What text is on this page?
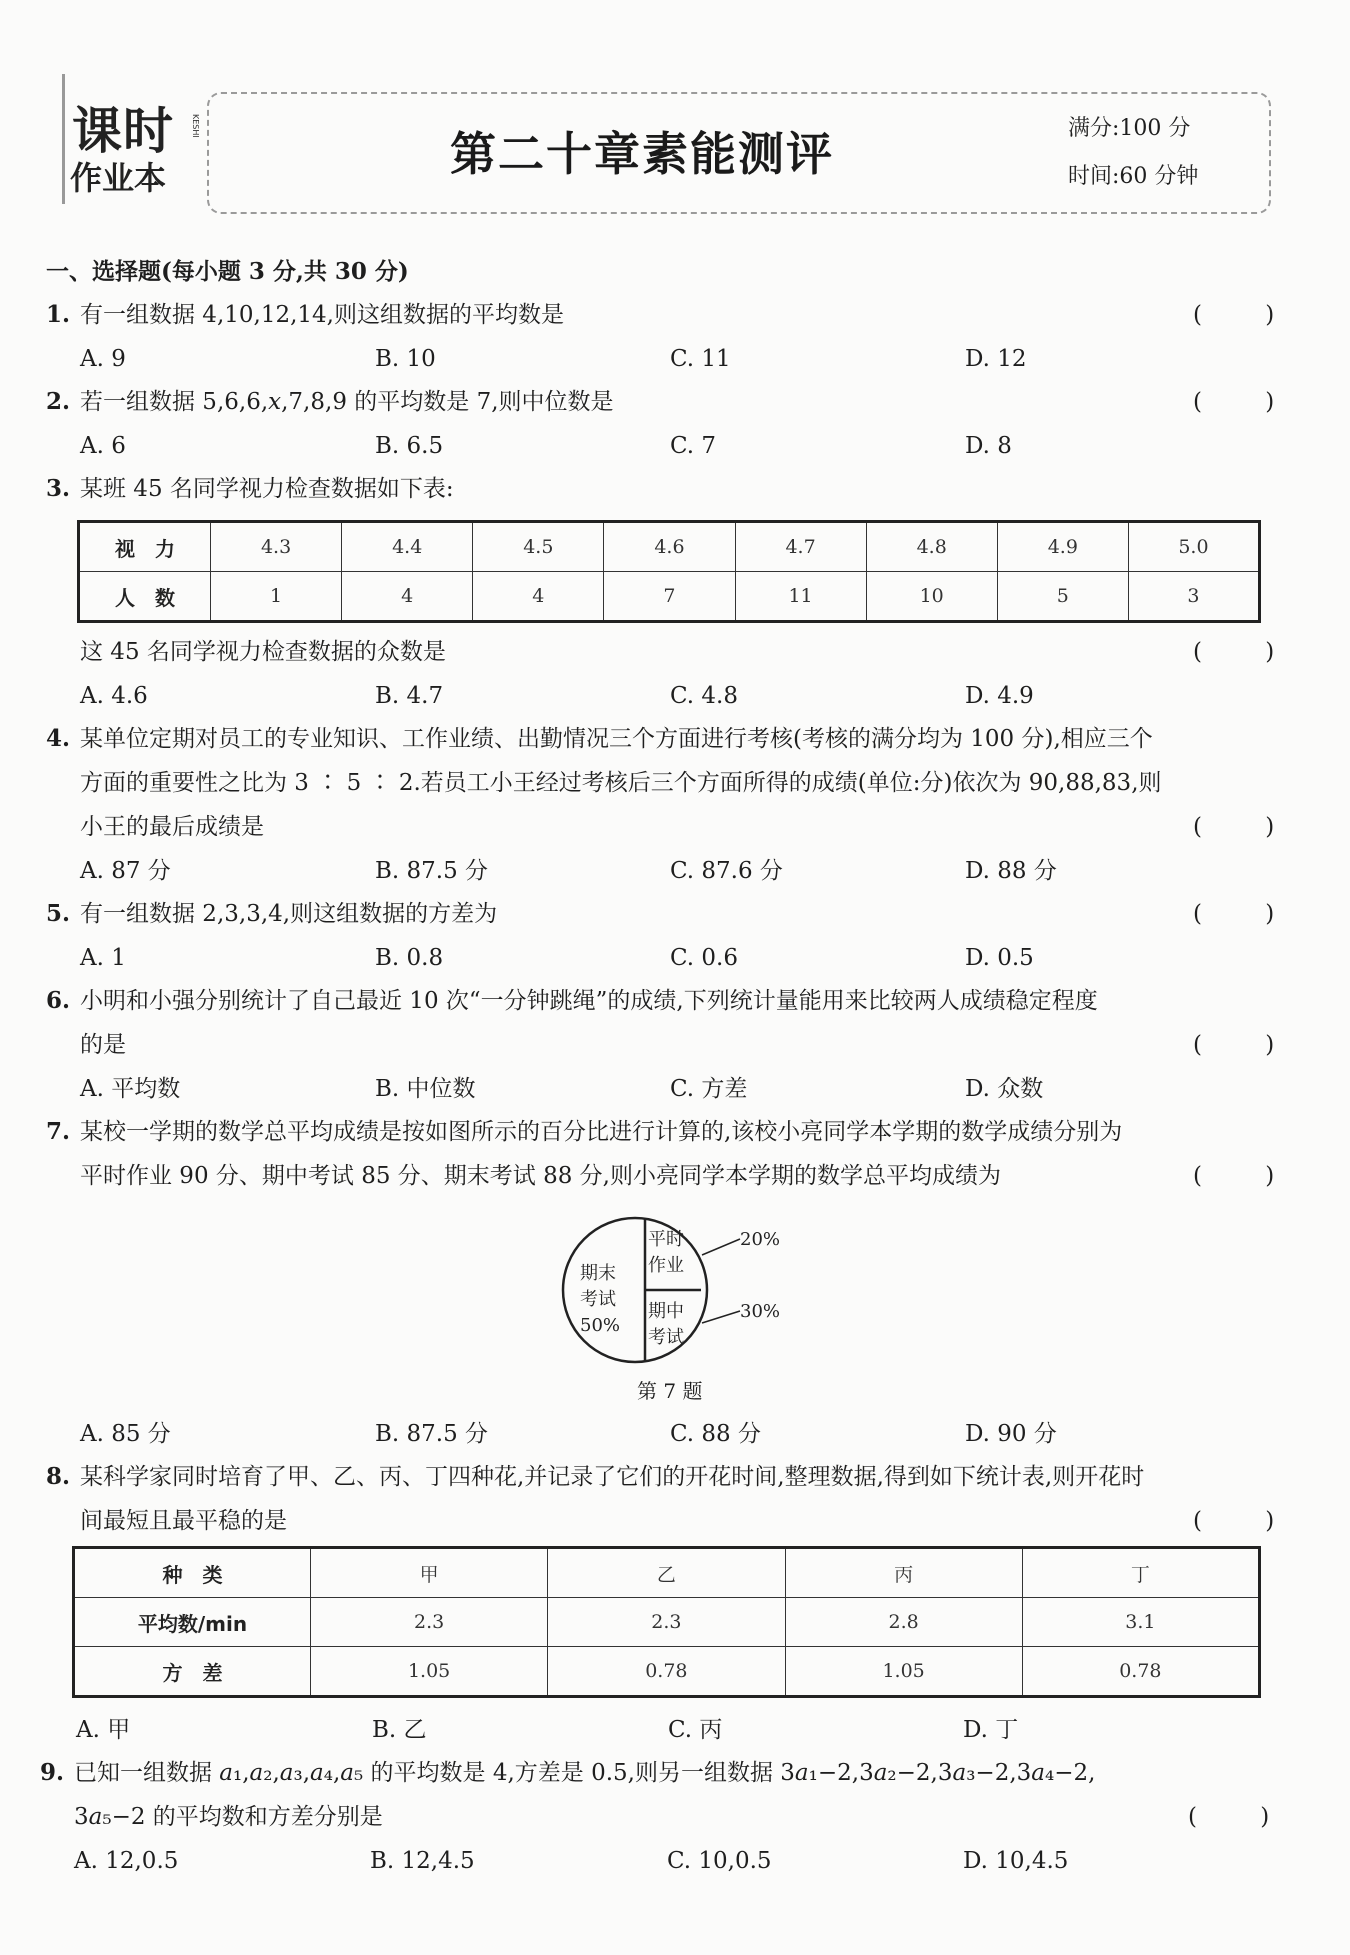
课时 KESHI
作业本	第二十章素能测评	满分:100 分
时间:60 分钟
一、选择题(每小题 3 分,共 30 分)
1. 有一组数据 4,10,12,14,则这组数据的平均数是	( )
A. 9	B. 10	C. 11	D. 12
2. 若一组数据 5,6,6,𝑥,7,8,9 的平均数是 7,则中位数是	( )
A. 6	B. 6.5	C. 7	D. 8
3. 某班 45 名同学视力检查数据如下表:
视　力	4.3	4.4	4.5	4.6	4.7	4.8	4.9	5.0
人　数	1	4	4	7	11	10	5	3
这 45 名同学视力检查数据的众数是	( )
A. 4.6	B. 4.7	C. 4.8	D. 4.9
4. 某单位定期对员工的专业知识、工作业绩、出勤情况三个方面进行考核(考核的满分均为 100 分),相应三个
方面的重要性之比为 3 ∶ 5 ∶ 2.若员工小王经过考核后三个方面所得的成绩(单位:分)依次为 90,88,83,则
小王的最后成绩是	( )
A. 87 分	B. 87.5 分	C. 87.6 分	D. 88 分
5. 有一组数据 2,3,3,4,则这组数据的方差为	( )
A. 1	B. 0.8	C. 0.6	D. 0.5
6. 小明和小强分别统计了自己最近 10 次“一分钟跳绳”的成绩,下列统计量能用来比较两人成绩稳定程度
的是	( )
A. 平均数	B. 中位数	C. 方差	D. 众数
7. 某校一学期的数学总平均成绩是按如图所示的百分比进行计算的,该校小亮同学本学期的数学成绩分别为
平时作业 90 分、期中考试 85 分、期末考试 88 分,则小亮同学本学期的数学总平均成绩为	( )
平时
作业
期中
考试
期末
考试
50%
20%
30%
第 7 题
A. 85 分	B. 87.5 分	C. 88 分	D. 90 分
8. 某科学家同时培育了甲、乙、丙、丁四种花,并记录了它们的开花时间,整理数据,得到如下统计表,则开花时
间最短且最平稳的是	( )
种　类	甲	乙	丙	丁
平均数/min	2.3	2.3	2.8	3.1
方　差	1.05	0.78	1.05	0.78
A. 甲	B. 乙	C. 丙	D. 丁
9. 已知一组数据 𝑎₁,𝑎₂,𝑎₃,𝑎₄,𝑎₅ 的平均数是 4,方差是 0.5,则另一组数据 3𝑎₁−2,3𝑎₂−2,3𝑎₃−2,3𝑎₄−2,
3𝑎₅−2 的平均数和方差分别是	( )
A. 12,0.5	B. 12,4.5	C. 10,0.5	D. 10,4.5
